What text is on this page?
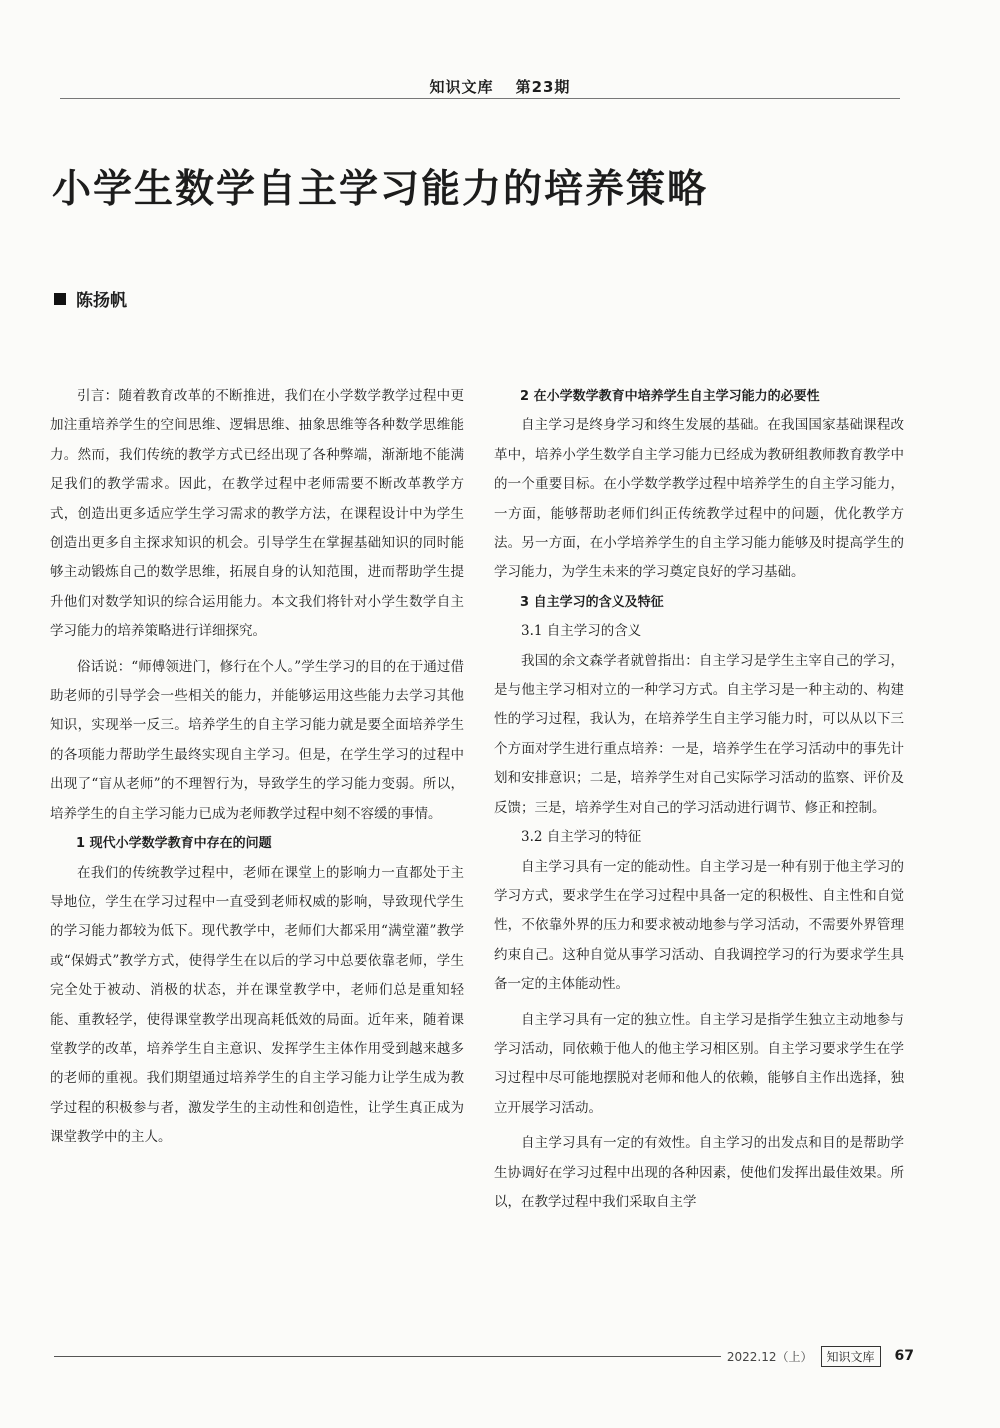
知识文库 第23期
小学生数学自主学习能力的培养策略
陈扬帆

引言：随着教育改革的不断推进，我们在小学数学教学过程中更加注重培养学生的空间思维、逻辑思维、抽象思维等各种数学思维能力。然而，我们传统的教学方式已经出现了各种弊端，渐渐地不能满足我们的教学需求。因此，在教学过程中老师需要不断改革教学方式，创造出更多适应学生学习需求的教学方法，在课程设计中为学生创造出更多自主探求知识的机会。引导学生在掌握基础知识的同时能够主动锻炼自己的数学思维，拓展自身的认知范围，进而帮助学生提升他们对数学知识的综合运用能力。本文我们将针对小学生数学自主学习能力的培养策略进行详细探究。

俗话说：“师傅领进门，修行在个人。”学生学习的目的在于通过借助老师的引导学会一些相关的能力，并能够运用这些能力去学习其他知识，实现举一反三。培养学生的自主学习能力就是要全面培养学生的各项能力帮助学生最终实现自主学习。但是，在学生学习的过程中出现了“盲从老师”的不理智行为，导致学生的学习能力变弱。所以，培养学生的自主学习能力已成为老师教学过程中刻不容缓的事情。

1 现代小学数学教育中存在的问题

在我们的传统教学过程中，老师在课堂上的影响力一直都处于主导地位，学生在学习过程中一直受到老师权威的影响，导致现代学生的学习能力都较为低下。现代教学中，老师们大都采用“满堂灌”教学或“保姆式”教学方式，使得学生在以后的学习中总要依靠老师，学生完全处于被动、消极的状态，并在课堂教学中，老师们总是重知轻能、重教轻学，使得课堂教学出现高耗低效的局面。近年来，随着课堂教学的改革，培养学生自主意识、发挥学生主体作用受到越来越多的老师的重视。我们期望通过培养学生的自主学习能力让学生成为教学过程的积极参与者，激发学生的主动性和创造性，让学生真正成为课堂教学中的主人。

2 在小学数学教育中培养学生自主学习能力的必要性

自主学习是终身学习和终生发展的基础。在我国国家基础课程改革中，培养小学生数学自主学习能力已经成为教研组教师教育教学中的一个重要目标。在小学数学教学过程中培养学生的自主学习能力，一方面，能够帮助老师们纠正传统教学过程中的问题，优化教学方法。另一方面，在小学培养学生的自主学习能力能够及时提高学生的学习能力，为学生未来的学习奠定良好的学习基础。

3 自主学习的含义及特征
3.1 自主学习的含义

我国的余文森学者就曾指出：自主学习是学生主宰自己的学习，是与他主学习相对立的一种学习方式。自主学习是一种主动的、构建性的学习过程，我认为，在培养学生自主学习能力时，可以从以下三个方面对学生进行重点培养：一是，培养学生在学习活动中的事先计划和安排意识；二是，培养学生对自己实际学习活动的监察、评价及反馈；三是，培养学生对自己的学习活动进行调节、修正和控制。

3.2 自主学习的特征

自主学习具有一定的能动性。自主学习是一种有别于他主学习的学习方式，要求学生在学习过程中具备一定的积极性、自主性和自觉性，不依靠外界的压力和要求被动地参与学习活动，不需要外界管理约束自己。这种自觉从事学习活动、自我调控学习的行为要求学生具备一定的主体能动性。

自主学习具有一定的独立性。自主学习是指学生独立主动地参与学习活动，同依赖于他人的他主学习相区别。自主学习要求学生在学习过程中尽可能地摆脱对老师和他人的依赖，能够自主作出选择，独立开展学习活动。

自主学习具有一定的有效性。自主学习的出发点和目的是帮助学生协调好在学习过程中出现的各种因素，使他们发挥出最佳效果。所以，在教学过程中我们采取自主学

2022.12（上）	知识文库	67
